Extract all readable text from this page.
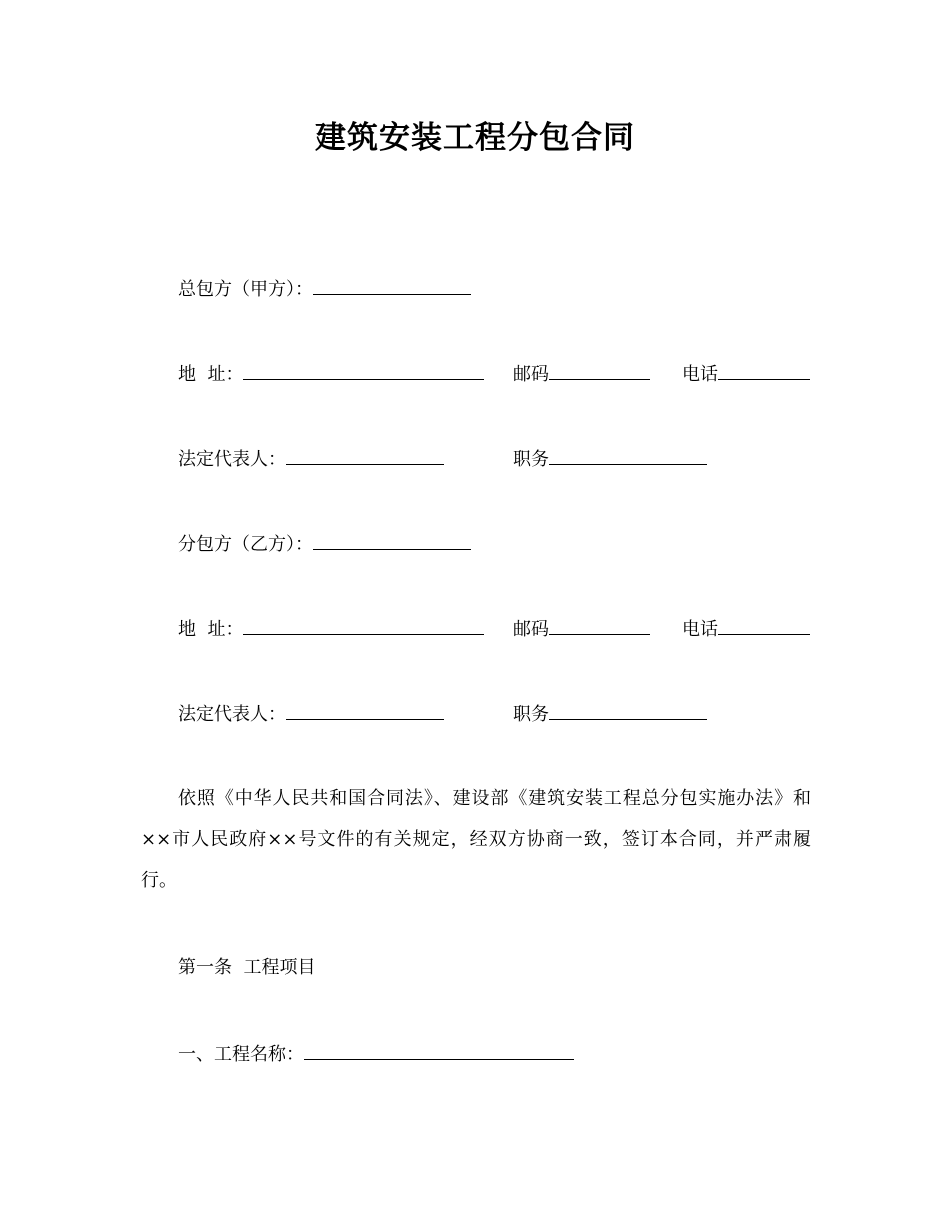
建筑安装工程分包合同
总包方（甲方）：
地  址：	邮码	电话
法定代表人：	职务
分包方（乙方）：
地  址：	邮码	电话
法定代表人：	职务
依照《中华人民共和国合同法》、建设部《建筑安装工程总分包实施办法》和××市人民政府××号文件的有关规定，经双方协商一致，签订本合同，并严肃履行。
第一条  工程项目
一、工程名称：
